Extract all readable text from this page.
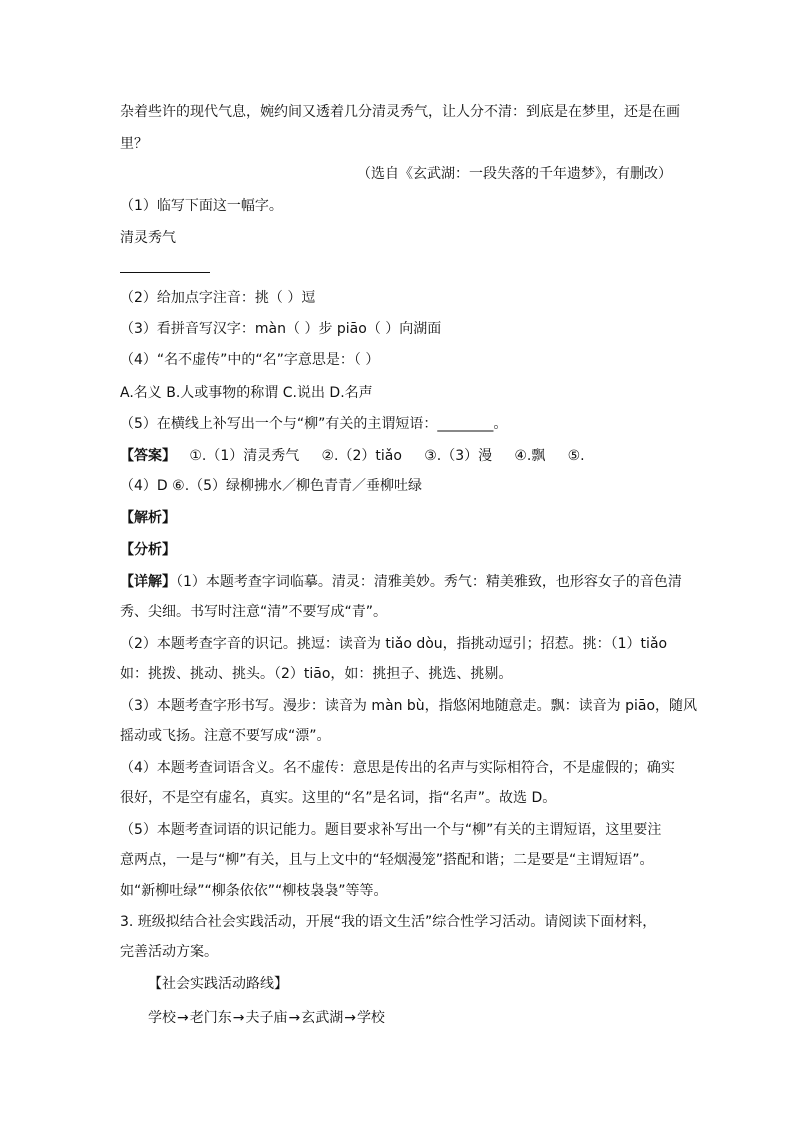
杂着些许的现代气息，婉约间又透着几分清灵秀气，让人分不清：到底是在梦里，还是在画
里？
（选自《玄武湖：一段失落的千年遗梦》，有删改）
（1）临写下面这一幅字。
清灵秀气
（2）给加点字注音：挑（ ）逗
（3）看拼音写汉字：màn（ ）步 piāo（ ）向湖面
（4）“名不虚传”中的“名”字意思是：（ ）
A.名义 B.人或事物的称谓 C.说出 D.名声
（5）在横线上补写出一个与“柳”有关的主谓短语：________。
【答案】   ①.（1）清灵秀气     ②.（2）tiǎo     ③.（3）漫     ④.飘     ⑤.
（4）D ⑥.（5）绿柳拂水／柳色青青／垂柳吐绿
【解析】
【分析】
【详解】（1）本题考查字词临摹。清灵：清雅美妙。秀气：精美雅致，也形容女子的音色清
秀、尖细。书写时注意“清”不要写成“青”。
（2）本题考查字音的识记。挑逗：读音为 tiǎo dòu，指挑动逗引；招惹。挑：（1）tiǎo
如：挑拨、挑动、挑头。（2）tiāo，如：挑担子、挑选、挑剔。
（3）本题考查字形书写。漫步：读音为 màn bù，指悠闲地随意走。飘：读音为 piāo，随风
摇动或飞扬。注意不要写成“漂”。
（4）本题考查词语含义。名不虚传：意思是传出的名声与实际相符合，不是虚假的；确实
很好，不是空有虚名，真实。这里的“名”是名词，指“名声”。故选 D。
（5）本题考查词语的识记能力。题目要求补写出一个与“柳”有关的主谓短语，这里要注
意两点，一是与“柳”有关，且与上文中的“轻烟漫笼”搭配和谐；二是要是“主谓短语”。
如“新柳吐绿”“柳条依依”“柳枝袅袅”等等。
3. 班级拟结合社会实践活动，开展“我的语文生活”综合性学习活动。请阅读下面材料，
完善活动方案。
【社会实践活动路线】
学校→老门东→夫子庙→玄武湖→学校
